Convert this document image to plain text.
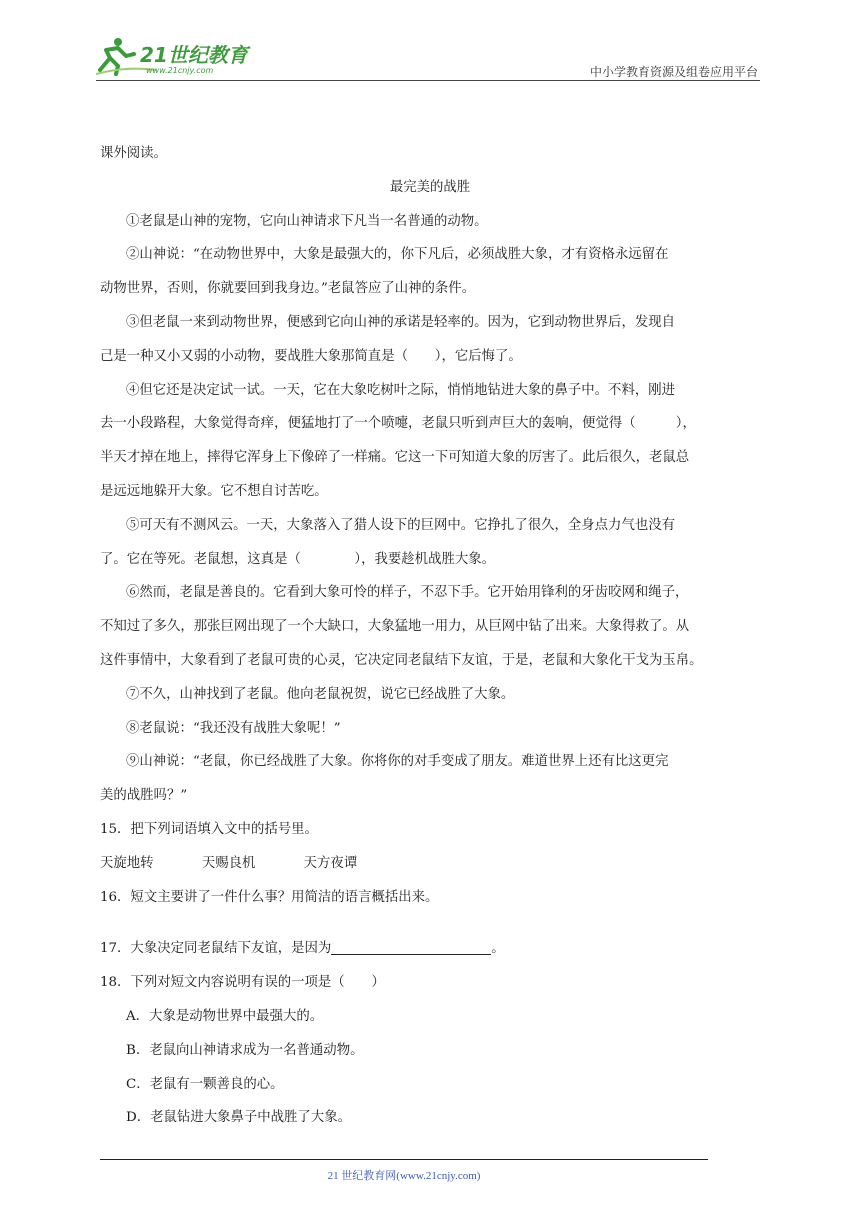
21世纪教育
www.21cnjy.com	中小学教育资源及组卷应用平台
课外阅读。
最完美的战胜
①老鼠是山神的宠物，它向山神请求下凡当一名普通的动物。
②山神说：“在动物世界中，大象是最强大的，你下凡后，必须战胜大象，才有资格永远留在
动物世界，否则，你就要回到我身边。”老鼠答应了山神的条件。
③但老鼠一来到动物世界，便感到它向山神的承诺是轻率的。因为，它到动物世界后，发现自
己是一种又小又弱的小动物，要战胜大象那简直是（　　），它后悔了。
④但它还是决定试一试。一天，它在大象吃树叶之际，悄悄地钻进大象的鼻子中。不料，刚进
去一小段路程，大象觉得奇痒，便猛地打了一个喷嚏，老鼠只听到声巨大的轰响，便觉得（　　　），
半天才掉在地上，摔得它浑身上下像碎了一样痛。它这一下可知道大象的厉害了。此后很久，老鼠总
是远远地躲开大象。它不想自讨苦吃。
⑤可天有不测风云。一天，大象落入了猎人设下的巨网中。它挣扎了很久，全身点力气也没有
了。它在等死。老鼠想，这真是（　　　　），我要趁机战胜大象。
⑥然而，老鼠是善良的。它看到大象可怜的样子，不忍下手。它开始用锋利的牙齿咬网和绳子，
不知过了多久，那张巨网出现了一个大缺口，大象猛地一用力，从巨网中钻了出来。大象得救了。从
这件事情中，大象看到了老鼠可贵的心灵，它决定同老鼠结下友谊，于是，老鼠和大象化干戈为玉帛。
⑦不久，山神找到了老鼠。他向老鼠祝贺，说它已经战胜了大象。
⑧老鼠说：“我还没有战胜大象呢！”
⑨山神说：“老鼠，你已经战胜了大象。你将你的对手变成了朋友。难道世界上还有比这更完
美的战胜吗？”
15．把下列词语填入文中的括号里。
天旋地转	天赐良机	天方夜谭
16．短文主要讲了一件什么事？用简洁的语言概括出来。
17．大象决定同老鼠结下友谊，是因为	。
18．下列对短文内容说明有误的一项是（　　）
A．大象是动物世界中最强大的。
B．老鼠向山神请求成为一名普通动物。
C．老鼠有一颗善良的心。
D．老鼠钻进大象鼻子中战胜了大象。
21 世纪教育网(www.21cnjy.com)
